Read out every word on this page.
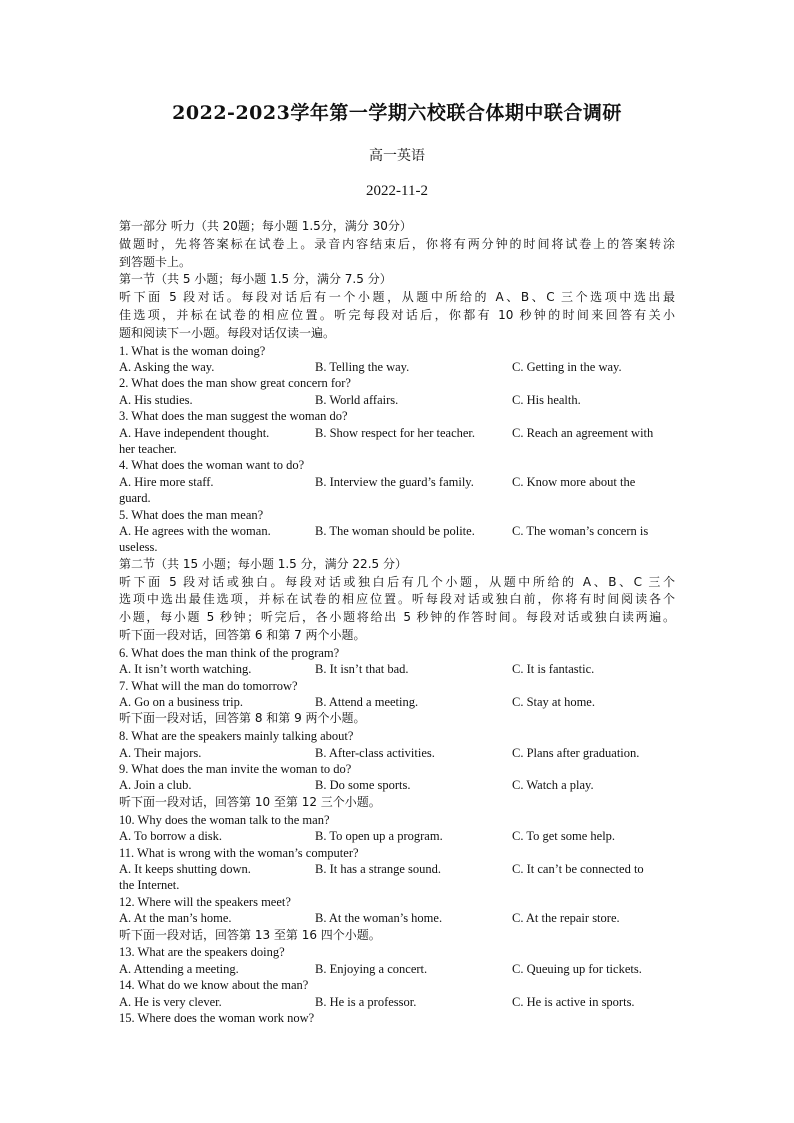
2022-2023学年第一学期六校联合体期中联合调研
高一英语
2022-11-2

第一部分 听力（共 20题；每小题 1.5分，满分 30分）

做题时，先将答案标在试卷上。录音内容结束后，你将有两分钟的时间将试卷上的答案转涂

到答题卡上。

第一节（共 5 小题；每小题 1.5 分，满分 7.5 分）

听下面 5 段对话。每段对话后有一个小题，从题中所给的 A、B、C 三个选项中选出最

佳选项，并标在试卷的相应位置。听完每段对话后，你都有 10 秒钟的时间来回答有关小

题和阅读下一小题。每段对话仅读一遍。

1. What is the woman doing?

A. Asking the way.	B. Telling the way.	C. Getting in the way.

2. What does the man show great concern for?

A. His studies.	B. World affairs.	C. His health.

3. What does the man suggest the woman do?

A. Have independent thought.	B. Show respect for her teacher.	C. Reach an agreement with

her teacher.

4. What does the woman want to do?

A. Hire more staff.	B. Interview the guard’s family.	C. Know more about the

guard.

5. What does the man mean?

A. He agrees with the woman.	B. The woman should be polite.	C. The woman’s concern is

useless.

第二节（共 15 小题；每小题 1.5 分，满分 22.5 分）

听下面 5 段对话或独白。每段对话或独白后有几个小题，从题中所给的 A、B、C 三个

选项中选出最佳选项，并标在试卷的相应位置。听每段对话或独白前，你将有时间阅读各个

小题，每小题 5 秒钟；听完后，各小题将给出 5 秒钟的作答时间。每段对话或独白读两遍。

听下面一段对话，回答第 6 和第 7 两个小题。

6. What does the man think of the program?

A. It isn’t worth watching.	B. It isn’t that bad.	C. It is fantastic.

7. What will the man do tomorrow?

A. Go on a business trip.	B. Attend a meeting.	C. Stay at home.

听下面一段对话，回答第 8 和第 9 两个小题。

8. What are the speakers mainly talking about?

A. Their majors.	B. After-class activities.	C. Plans after graduation.

9. What does the man invite the woman to do?

A. Join a club.	B. Do some sports.	C. Watch a play.

听下面一段对话，回答第 10 至第 12 三个小题。

10. Why does the woman talk to the man?

A. To borrow a disk.	B. To open up a program.	C. To get some help.

11. What is wrong with the woman’s computer?

A. It keeps shutting down.	B. It has a strange sound.	C. It can’t be connected to

the Internet.

12. Where will the speakers meet?

A. At the man’s home.	B. At the woman’s home.	C. At the repair store.

听下面一段对话，回答第 13 至第 16 四个小题。

13. What are the speakers doing?

A. Attending a meeting.	B. Enjoying a concert.	C. Queuing up for tickets.

14. What do we know about the man?

A. He is very clever.	B. He is a professor.	C. He is active in sports.

15. Where does the woman work now?
